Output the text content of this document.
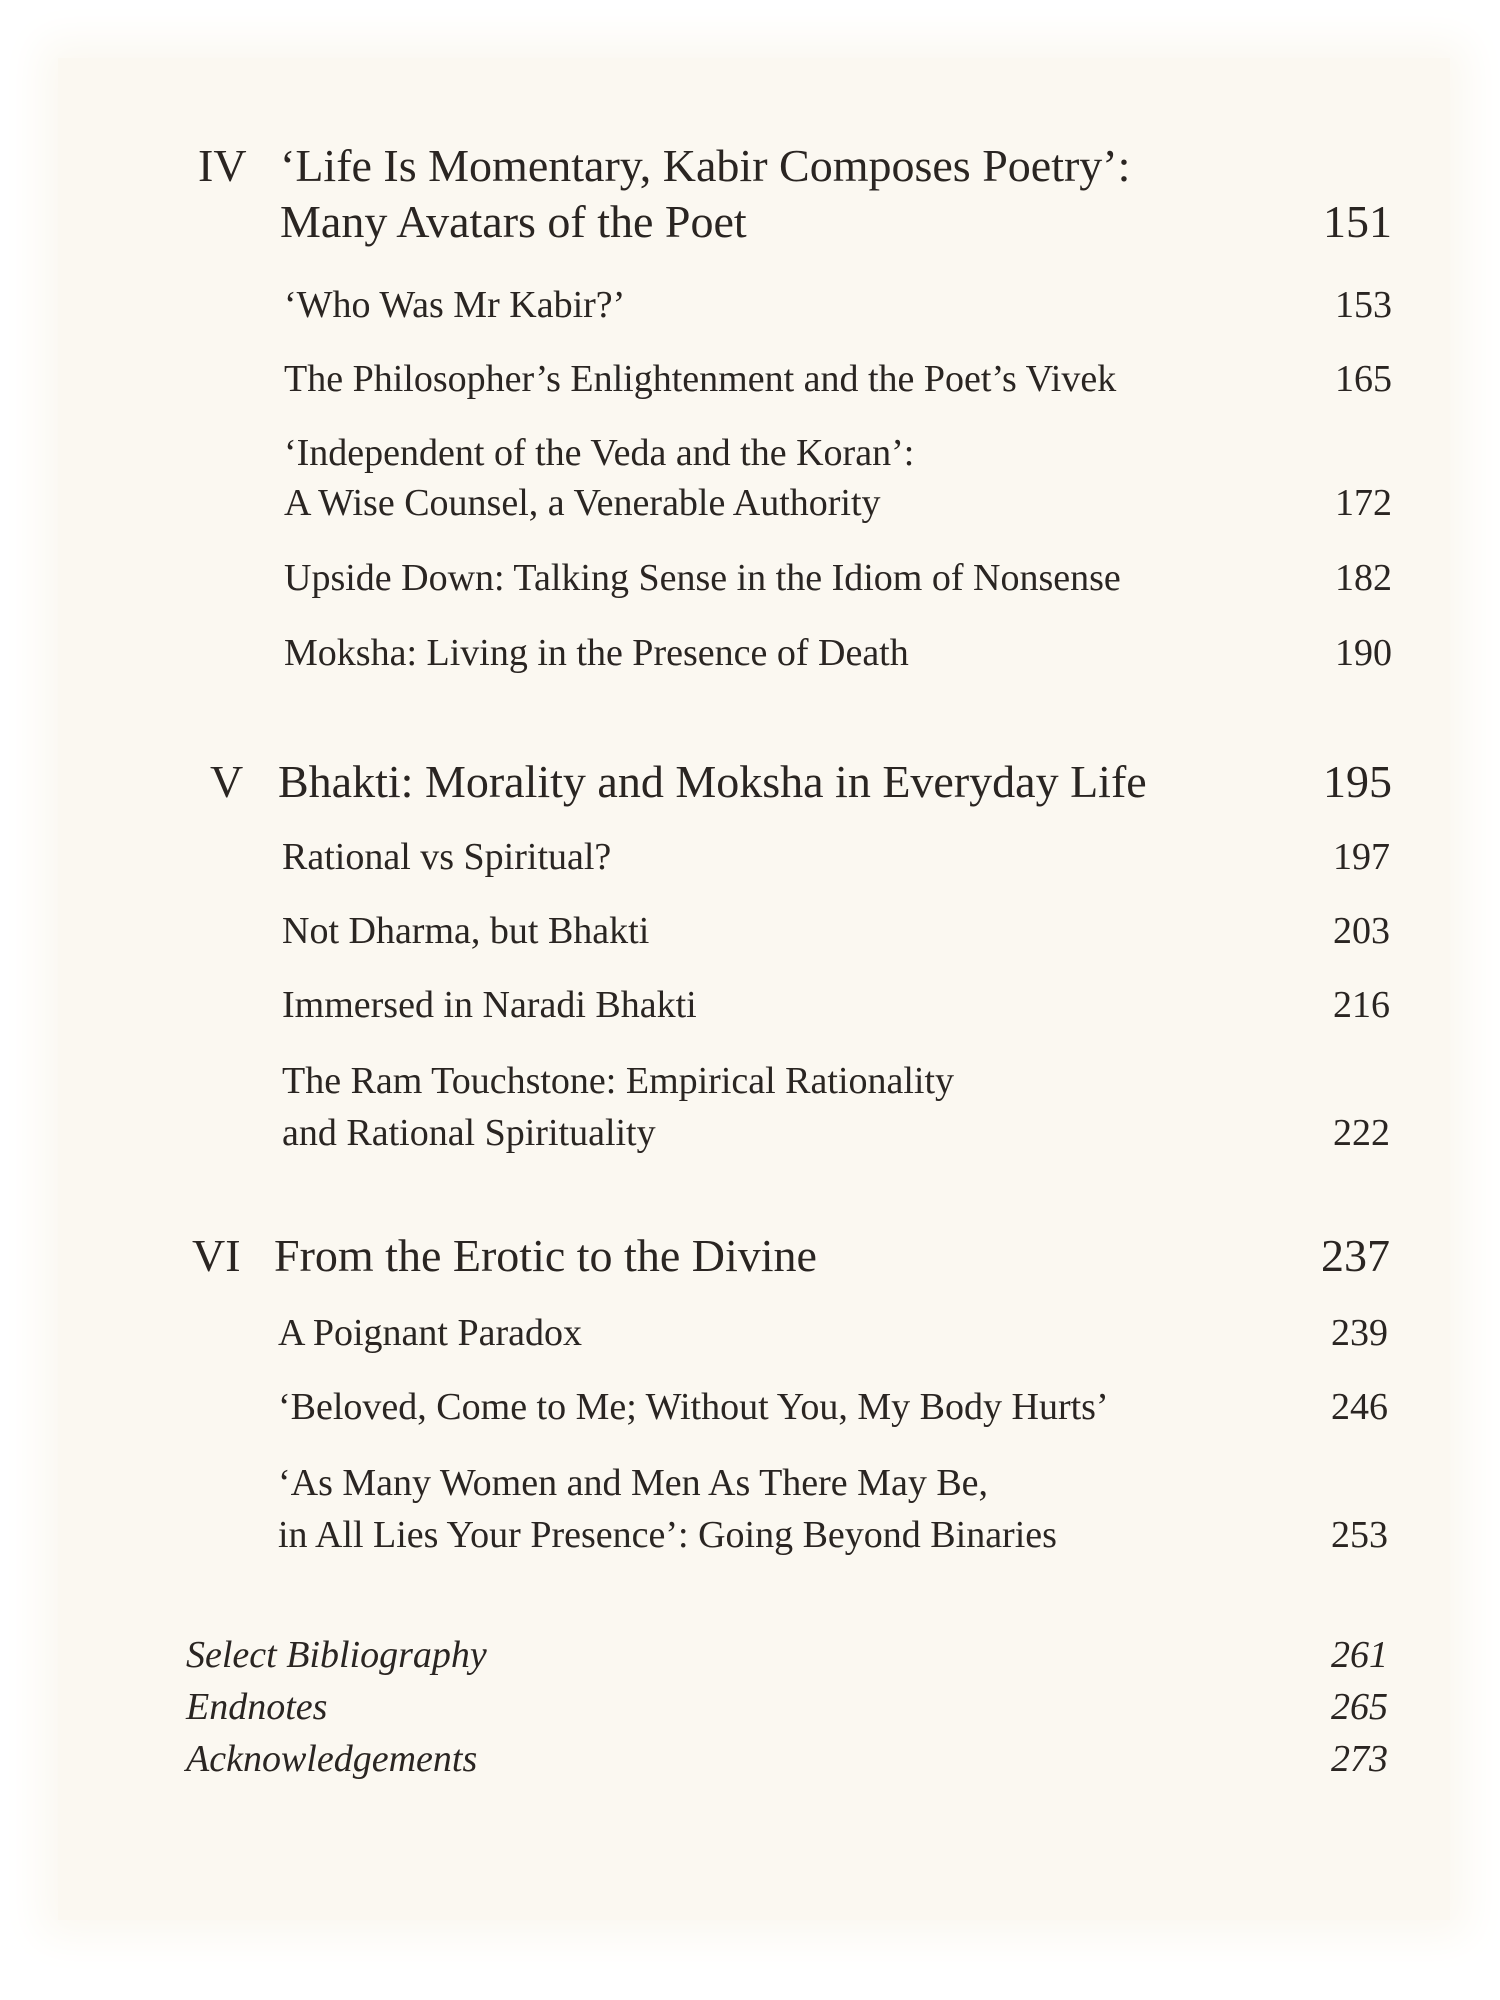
IV ‘Life Is Momentary, Kabir Composes Poetry’:
Many Avatars of the Poet	151
‘Who Was Mr Kabir?’	153
The Philosopher’s Enlightenment and the Poet’s Vivek	165
‘Independent of the Veda and the Koran’:
A Wise Counsel, a Venerable Authority	172
Upside Down: Talking Sense in the Idiom of Nonsense	182
Moksha: Living in the Presence of Death	190
V Bhakti: Morality and Moksha in Everyday Life	195
Rational vs Spiritual?	197
Not Dharma, but Bhakti	203
Immersed in Naradi Bhakti	216
The Ram Touchstone: Empirical Rationality
and Rational Spirituality	222
VI From the Erotic to the Divine	237
A Poignant Paradox	239
‘Beloved, Come to Me; Without You, My Body Hurts’	246
‘As Many Women and Men As There May Be,
in All Lies Your Presence’: Going Beyond Binaries	253
Select Bibliography	261
Endnotes	265
Acknowledgements	273
